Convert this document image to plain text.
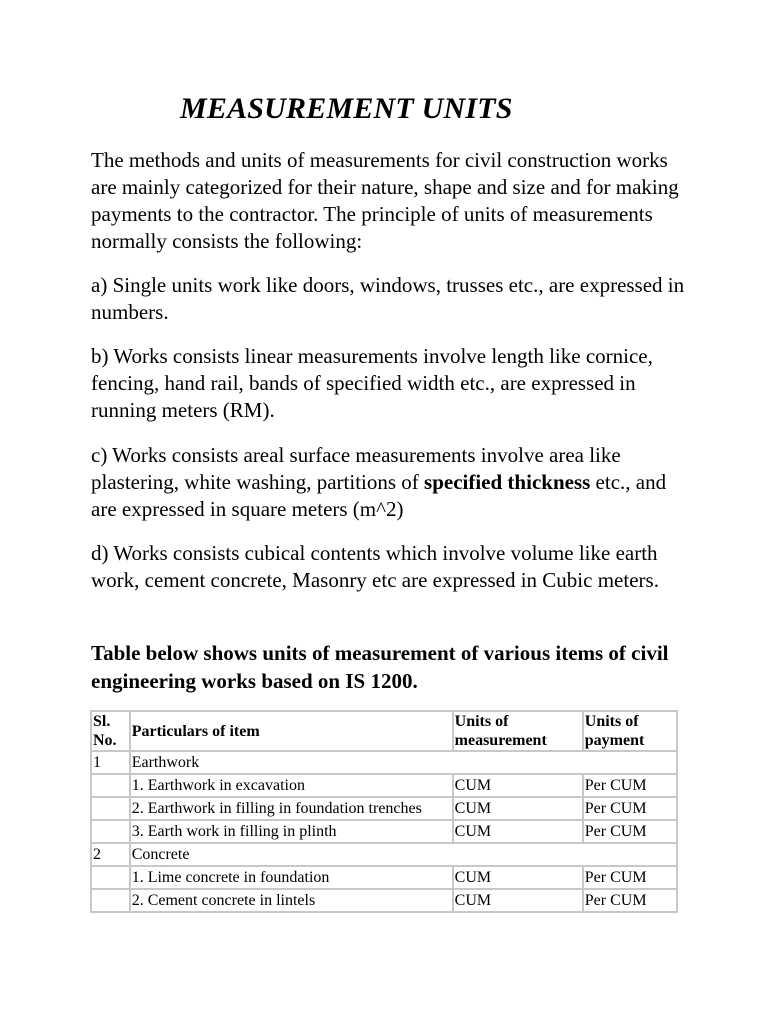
MEASUREMENT UNITS

The methods and units of measurements for civil construction works are mainly categorized for their nature, shape and size and for making payments to the contractor. The principle of units of measurements normally consists the following:

a) Single units work like doors, windows, trusses etc., are expressed in numbers.

b) Works consists linear measurements involve length like cornice, fencing, hand rail, bands of specified width etc., are expressed in running meters (RM).

c) Works consists areal surface measurements involve area like plastering, white washing, partitions of specified thickness etc., and are expressed in square meters (m^2)

d) Works consists cubical contents which involve volume like earth work, cement concrete, Masonry etc are expressed in Cubic meters.

Table below shows units of measurement of various items of civil engineering works based on IS 1200.

Sl. No.	Particulars of item	Units of measurement	Units of payment
1	Earthwork		
	1. Earthwork in excavation	CUM	Per CUM
	2. Earthwork in filling in foundation trenches	CUM	Per CUM
	3. Earth work in filling in plinth	CUM	Per CUM
2	Concrete		
	1. Lime concrete in foundation	CUM	Per CUM
	2. Cement concrete in lintels	CUM	Per CUM
